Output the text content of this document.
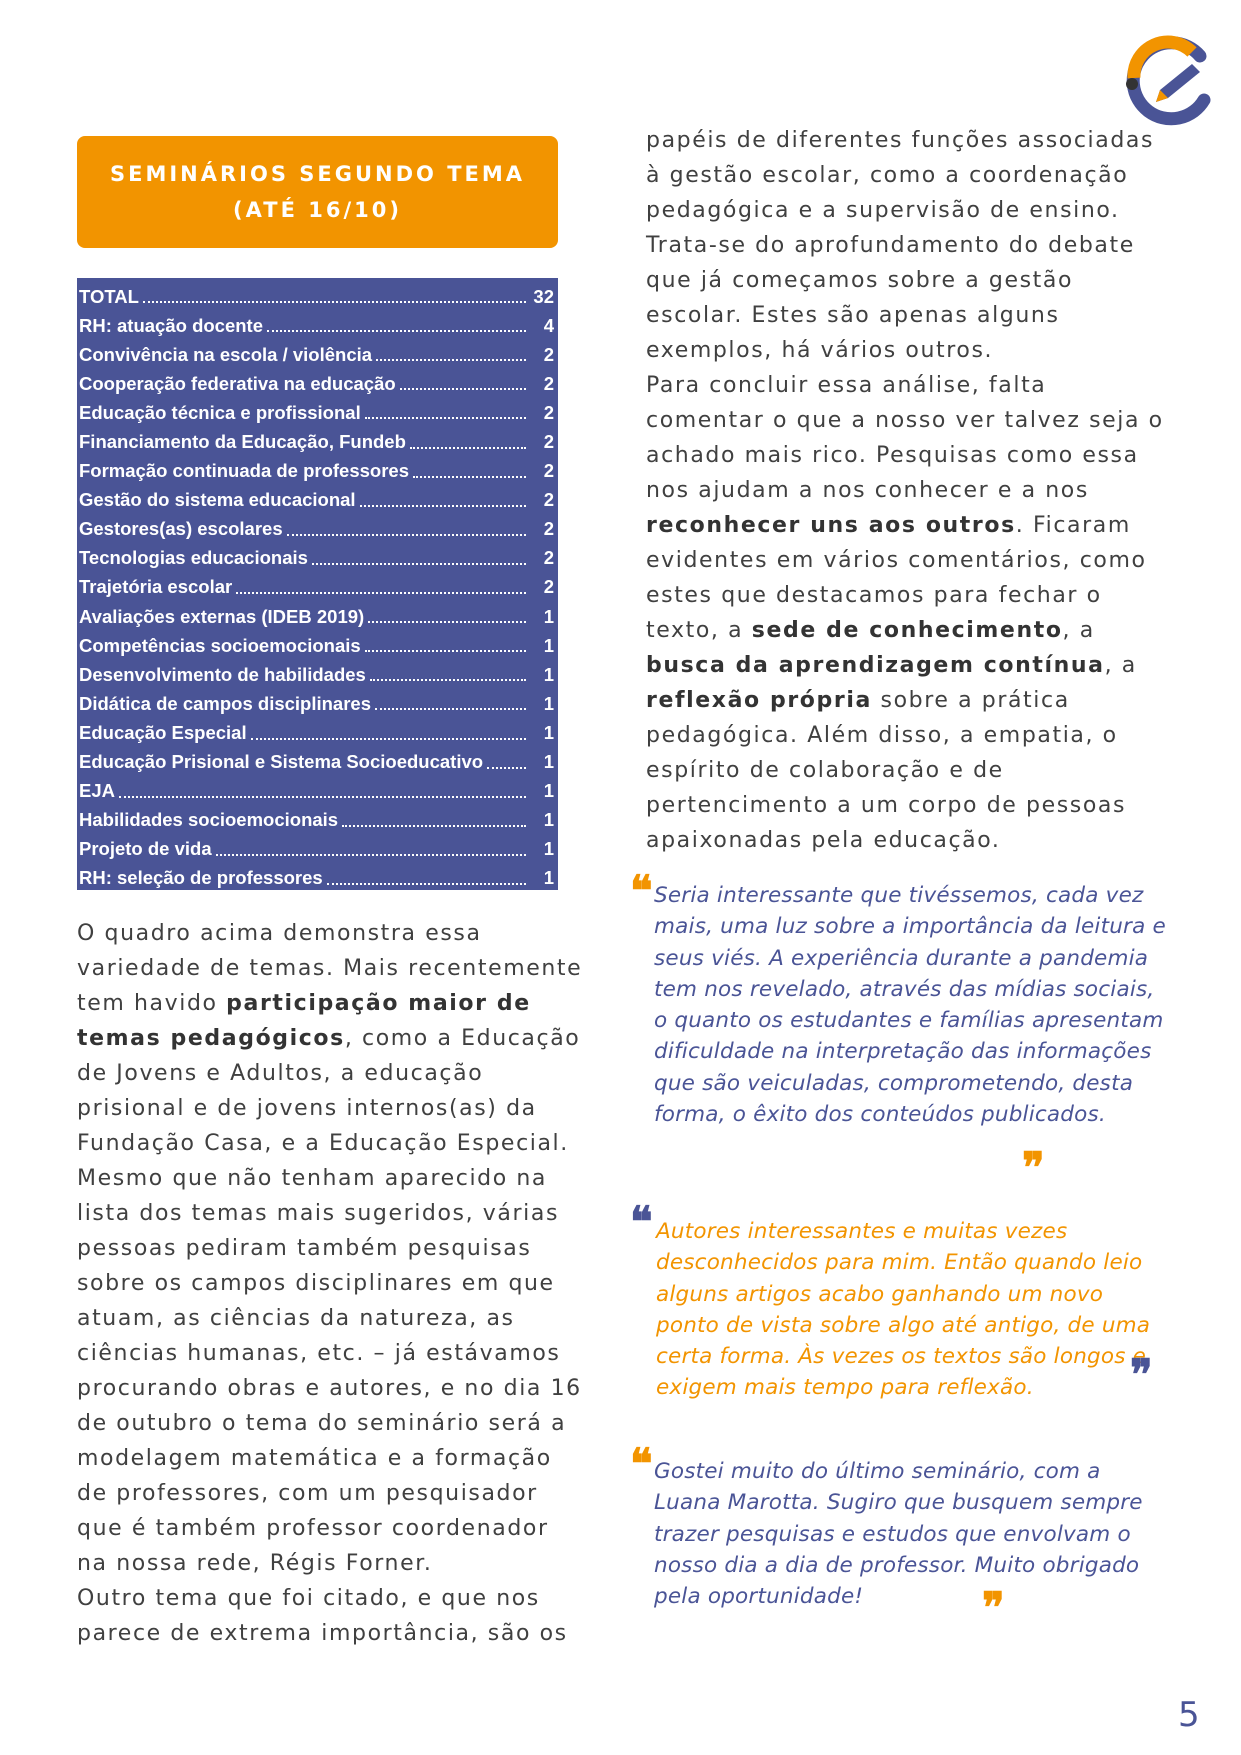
SEMINÁRIOS SEGUNDO TEMA
(ATÉ 16/10)
TOTAL	32
RH: atuação docente	4
Convivência na escola / violência	2
Cooperação federativa na educação	2
Educação técnica e profissional	2
Financiamento da Educação, Fundeb	2
Formação continuada de professores	2
Gestão do sistema educacional	2
Gestores(as) escolares	2
Tecnologias educacionais	2
Trajetória escolar	2
Avaliações externas (IDEB 2019)	1
Competências socioemocionais	1
Desenvolvimento de habilidades	1
Didática de campos disciplinares	1
Educação Especial	1
Educação Prisional e Sistema Socioeducativo	1
EJA	1
Habilidades socioemocionais	1
Projeto de vida	1
RH: seleção de professores	1

O quadro acima demonstra essa variedade de temas. Mais recentemente tem havido participação maior de temas pedagógicos, como a Educação de Jovens e Adultos, a educação prisional e de jovens internos(as) da Fundação Casa, e a Educação Especial. Mesmo que não tenham aparecido na lista dos temas mais sugeridos, várias pessoas pediram também pesquisas sobre os campos disciplinares em que atuam, as ciências da natureza, as ciências humanas, etc. – já estávamos procurando obras e autores, e no dia 16 de outubro o tema do seminário será a modelagem matemática e a formação de professores, com um pesquisador que é também professor coordenador na nossa rede, Régis Forner.

Outro tema que foi citado, e que nos parece de extrema importância, são os

papéis de diferentes funções associadas à gestão escolar, como a coordenação pedagógica e a supervisão de ensino. Trata-se do aprofundamento do debate que já começamos sobre a gestão escolar. Estes são apenas alguns exemplos, há vários outros.

Para concluir essa análise, falta comentar o que a nosso ver talvez seja o achado mais rico. Pesquisas como essa nos ajudam a nos conhecer e a nos reconhecer uns aos outros. Ficaram evidentes em vários comentários, como estes que destacamos para fechar o texto, a sede de conhecimento, a busca da aprendizagem contínua, a reflexão própria sobre a prática pedagógica. Além disso, a empatia, o espírito de colaboração e de pertencimento a um corpo de pessoas apaixonadas pela educação.

❝ Seria interessante que tivéssemos, cada vez mais, uma luz sobre a importância da leitura e seus viés. A experiência durante a pandemia tem nos revelado, através das mídias sociais, o quanto os estudantes e famílias apresentam dificuldade na interpretação das informações que são veiculadas, comprometendo, desta forma, o êxito dos conteúdos publicados.
❞
❝ Autores interessantes e muitas vezes desconhecidos para mim. Então quando leio alguns artigos acabo ganhando um novo ponto de vista sobre algo até antigo, de uma certa forma. Às vezes os textos são longos e exigem mais tempo para reflexão.	❞
❝ Gostei muito do último seminário, com a Luana Marotta. Sugiro que busquem sempre trazer pesquisas e estudos que envolvam o nosso dia a dia de professor. Muito obrigado pela oportunidade!	❞
5
